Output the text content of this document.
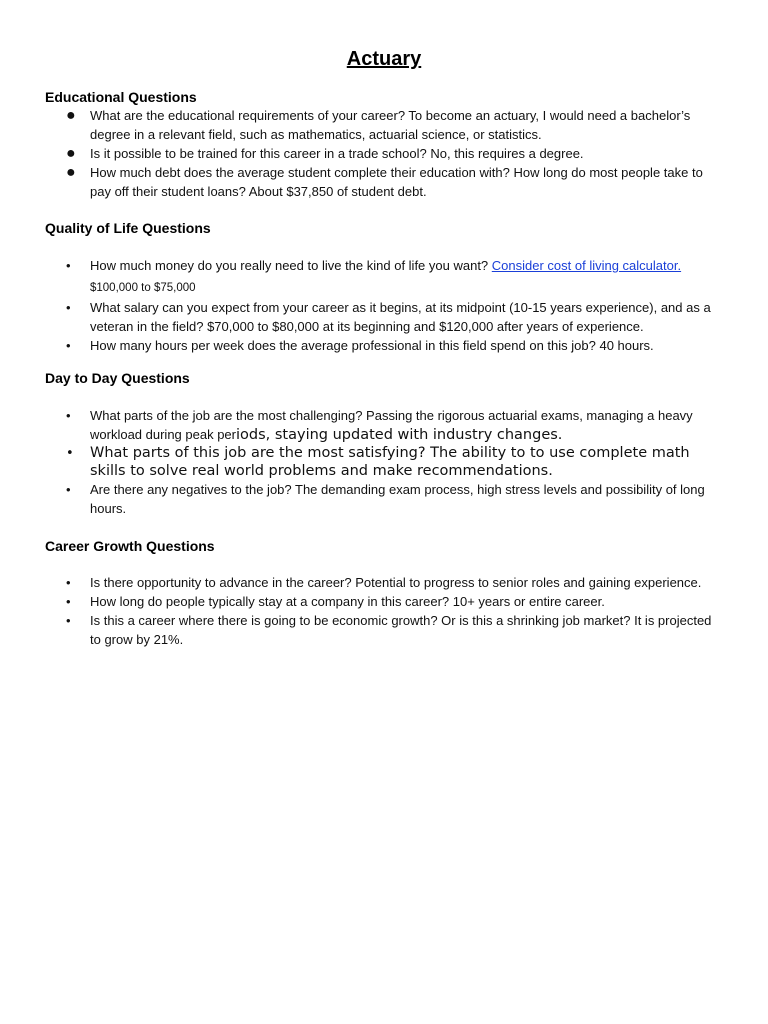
Actuary
Educational Questions
● What are the educational requirements of your career? To become an actuary, I would need a bachelor’s degree in a relevant field, such as mathematics, actuarial science, or statistics.
● Is it possible to be trained for this career in a trade school? No, this requires a degree.
● How much debt does the average student complete their education with? How long do most people take to pay off their student loans? About $37,850 of student debt.
Quality of Life Questions
• How much money do you really need to live the kind of life you want? Consider cost of living calculator. $100,000 to $75,000
• What salary can you expect from your career as it begins, at its midpoint (10-15 years experience), and as a veteran in the field? $70,000 to $80,000 at its beginning and $120,000 after years of experience.
• How many hours per week does the average professional in this field spend on this job? 40 hours.
Day to Day Questions
• What parts of the job are the most challenging? Passing the rigorous actuarial exams, managing a heavy workload during peak periods, staying updated with industry changes.
• What parts of this job are the most satisfying? The ability to to use complete math skills to solve real world problems and make recommendations.
• Are there any negatives to the job? The demanding exam process, high stress levels and possibility of long hours.
Career Growth Questions
• Is there opportunity to advance in the career? Potential to progress to senior roles and gaining experience.
• How long do people typically stay at a company in this career? 10+ years or entire career.
• Is this a career where there is going to be economic growth? Or is this a shrinking job market? It is projected to grow by 21%.
